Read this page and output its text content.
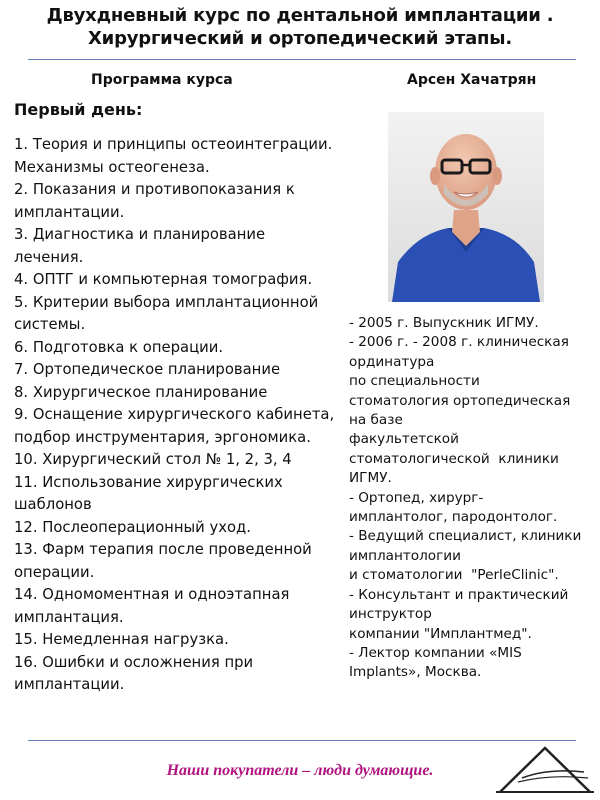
Двухдневный курс по дентальной имплантации .
Хирургический и ортопедический этапы.
Программа курса	Арсен Хачатрян
Первый день:
1. Теория и принципы остеоинтеграции.
Механизмы остеогенеза.
2. Показания и противопоказания к
имплантации.
3. Диагностика и планирование
лечения.
4. ОПТГ и компьютерная томография.
5. Критерии выбора имплантационной
системы.
6. Подготовка к операции.
7. Ортопедическое планирование
8. Хирургическое планирование
9. Оснащение хирургического кабинета,
подбор инструментария, эргономика.
10. Хирургический стол № 1, 2, 3, 4
11. Использование хирургических
шаблонов
12. Послеоперационный уход.
13. Фарм терапия после проведенной
операции.
14. Одномоментная и одноэтапная
имплантация.
15. Немедленная нагрузка.
16. Ошибки и осложнения при
имплантации.
- 2005 г. Выпускник ИГМУ.
- 2006 г. - 2008 г. клиническая
ординатура
по специальности
стоматология ортопедическая
на базе
факультетской
стоматологической  клиники
ИГМУ.
- Ортопед, хирург-
имплантолог, пародонтолог.
- Ведущий специалист, клиники
имплантологии
и стоматологии  "PerleClinic".
- Консультант и практический
инструктор
компании "Имплантмед".
- Лектор компании «MIS
Implants», Москва.
Наши покупатели – люди думающие.
